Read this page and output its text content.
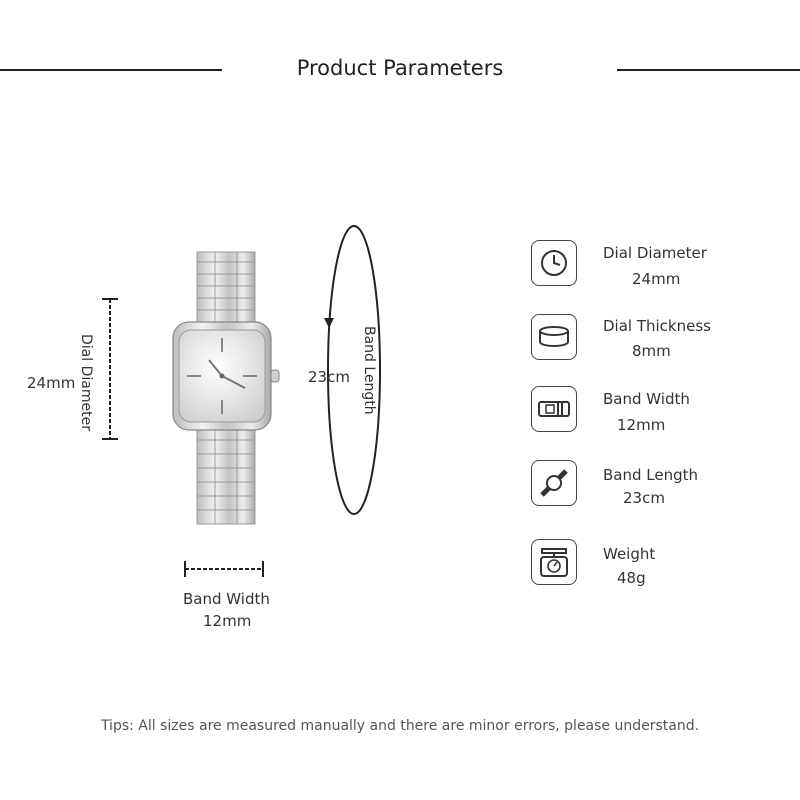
Product Parameters
24mm Dial Diameter
Band Width
12mm
23cm Band Length
Dial Diameter
24mm
Dial Thickness
8mm
Band Width
12mm
Band Length
23cm
Weight
48g
Tips: All sizes are measured manually and there are minor errors, please understand.
